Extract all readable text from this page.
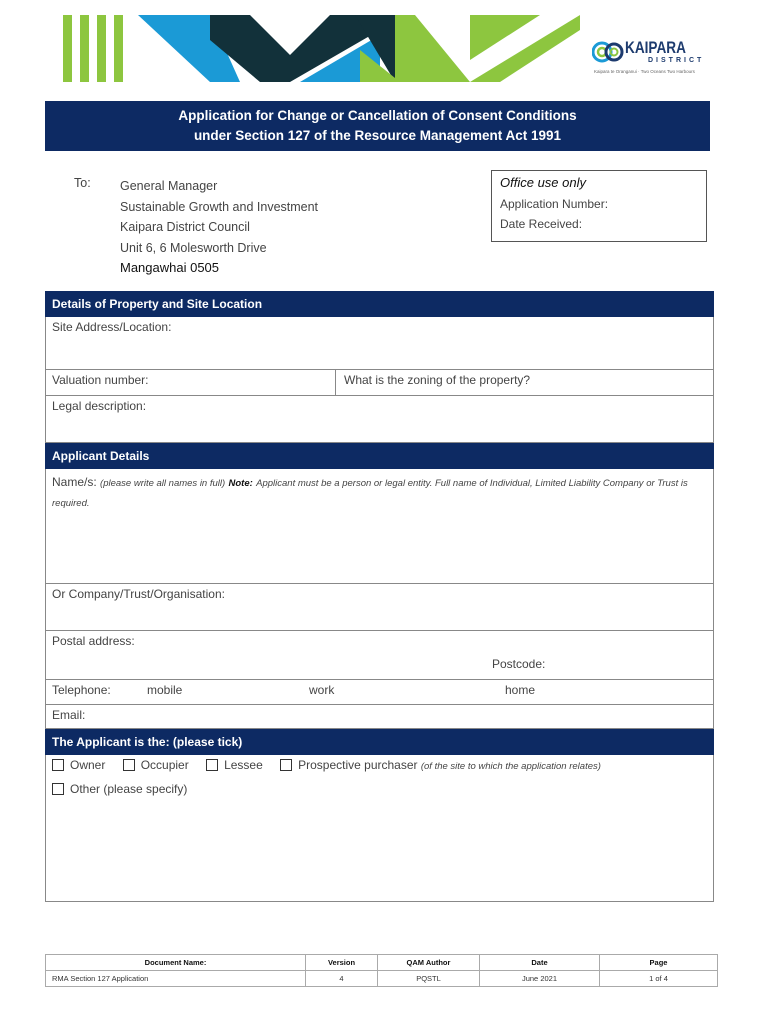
KAIPARA
DISTRICT
Kaipara te Oranganui · Two Oceans Two Harbours
Application for Change or Cancellation of Consent Conditions
under Section 127 of the Resource Management Act 1991
To: General Manager
Sustainable Growth and Investment
Kaipara District Council
Unit 6, 6 Molesworth Drive
Mangawhai 0505
Office use only
Application Number:
Date Received:
Details of Property and Site Location
Site Address/Location:
Valuation number:	What is the zoning of the property?
Legal description:
Applicant Details
Name/s: (please write all names in full) Note: Applicant must be a person or legal entity. Full name of Individual, Limited Liability Company or Trust is required.
Or Company/Trust/Organisation:
Postal address:
Postcode:
Telephone:	mobile	work	home
Email:
The Applicant is the: (please tick)
Owner	Occupier	Lessee	Prospective purchaser (of the site to which the application relates)
Other (please specify)
Document Name:	Version	QAM Author	Date	Page
RMA Section 127 Application	4	PQSTL	June 2021	1 of 4
